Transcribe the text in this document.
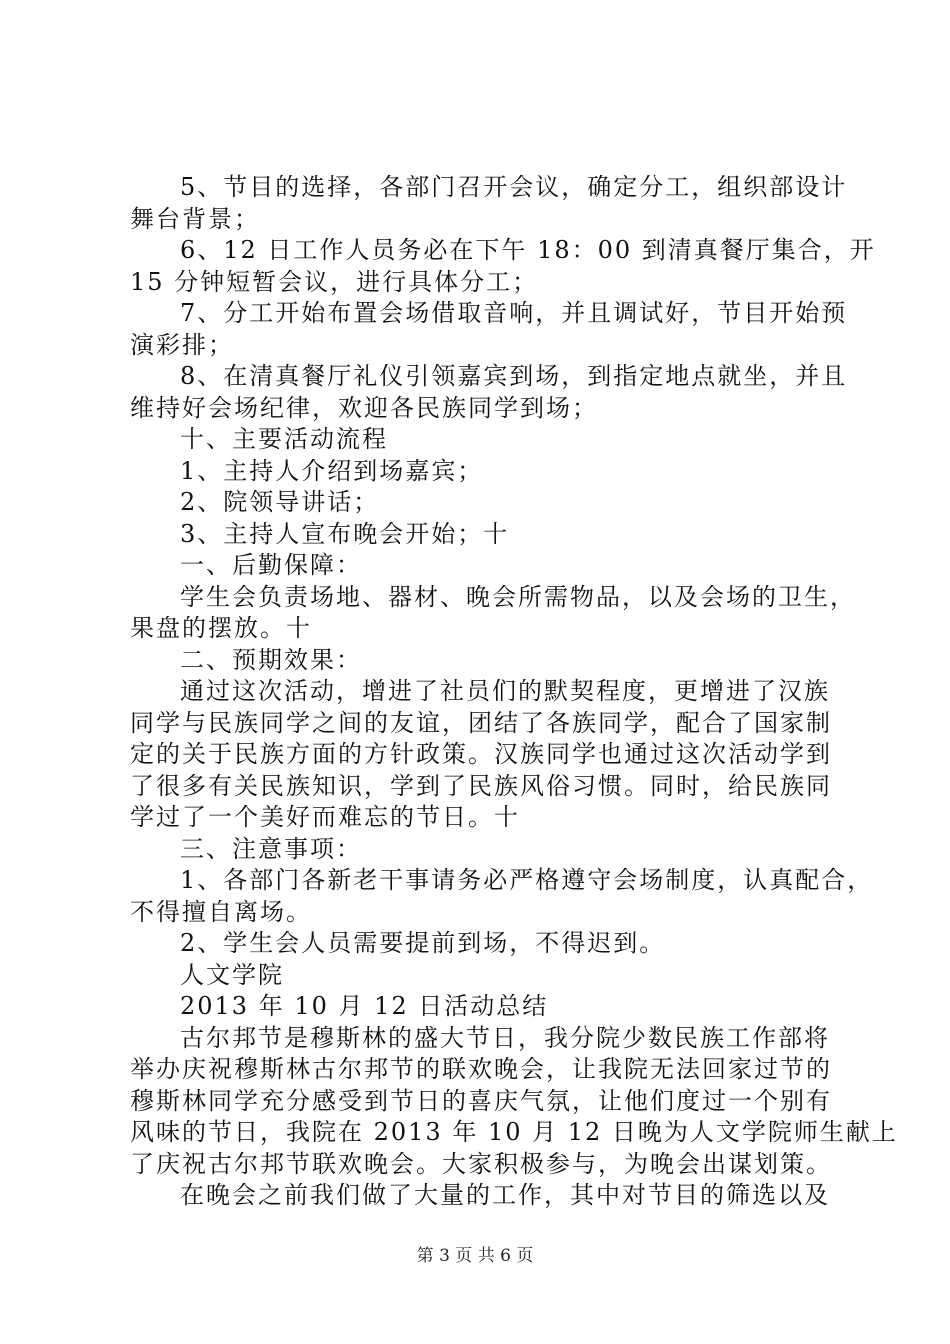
5、节目的选择，各部门召开会议，确定分工，组织部设计
舞台背景；
6、12 日工作人员务必在下午 18：00 到清真餐厅集合，开
15 分钟短暂会议，进行具体分工；
7、分工开始布置会场借取音响，并且调试好，节目开始预
演彩排；
8、在清真餐厅礼仪引领嘉宾到场，到指定地点就坐，并且
维持好会场纪律，欢迎各民族同学到场；
十、主要活动流程
1、主持人介绍到场嘉宾；
2、院领导讲话；
3、主持人宣布晚会开始；十
一、后勤保障：
学生会负责场地、器材、晚会所需物品，以及会场的卫生，
果盘的摆放。十
二、预期效果：
通过这次活动，增进了社员们的默契程度，更增进了汉族
同学与民族同学之间的友谊，团结了各族同学，配合了国家制
定的关于民族方面的方针政策。汉族同学也通过这次活动学到
了很多有关民族知识，学到了民族风俗习惯。同时，给民族同
学过了一个美好而难忘的节日。十
三、注意事项：
1、各部门各新老干事请务必严格遵守会场制度，认真配合，
不得擅自离场。
2、学生会人员需要提前到场，不得迟到。
人文学院
2013 年 10 月 12 日活动总结
古尔邦节是穆斯林的盛大节日，我分院少数民族工作部将
举办庆祝穆斯林古尔邦节的联欢晚会，让我院无法回家过节的
穆斯林同学充分感受到节日的喜庆气氛，让他们度过一个别有
风味的节日，我院在 2013 年 10 月 12 日晚为人文学院师生献上
了庆祝古尔邦节联欢晚会。大家积极参与，为晚会出谋划策。
在晚会之前我们做了大量的工作，其中对节目的筛选以及
第 3 页 共 6 页
